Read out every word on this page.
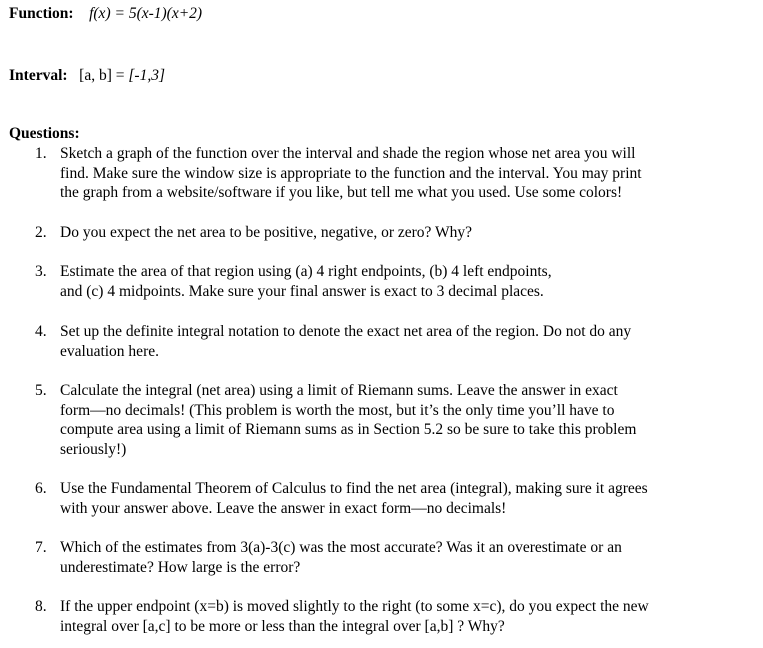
Function: f(x) = 5(x-1)(x+2)
Interval: [a, b] = [-1,3]
Questions:
1. Sketch a graph of the function over the interval and shade the region whose net area you will
find. Make sure the window size is appropriate to the function and the interval. You may print
the graph from a website/software if you like, but tell me what you used. Use some colors!
2. Do you expect the net area to be positive, negative, or zero? Why?
3. Estimate the area of that region using (a) 4 right endpoints, (b) 4 left endpoints,
and (c) 4 midpoints. Make sure your final answer is exact to 3 decimal places.
4. Set up the definite integral notation to denote the exact net area of the region. Do not do any
evaluation here.
5. Calculate the integral (net area) using a limit of Riemann sums. Leave the answer in exact
form—no decimals! (This problem is worth the most, but it’s the only time you’ll have to
compute area using a limit of Riemann sums as in Section 5.2 so be sure to take this problem
seriously!)
6. Use the Fundamental Theorem of Calculus to find the net area (integral), making sure it agrees
with your answer above. Leave the answer in exact form—no decimals!
7. Which of the estimates from 3(a)-3(c) was the most accurate? Was it an overestimate or an
underestimate? How large is the error?
8. If the upper endpoint (x=b) is moved slightly to the right (to some x=c), do you expect the new
integral over [a,c] to be more or less than the integral over [a,b] ? Why?
